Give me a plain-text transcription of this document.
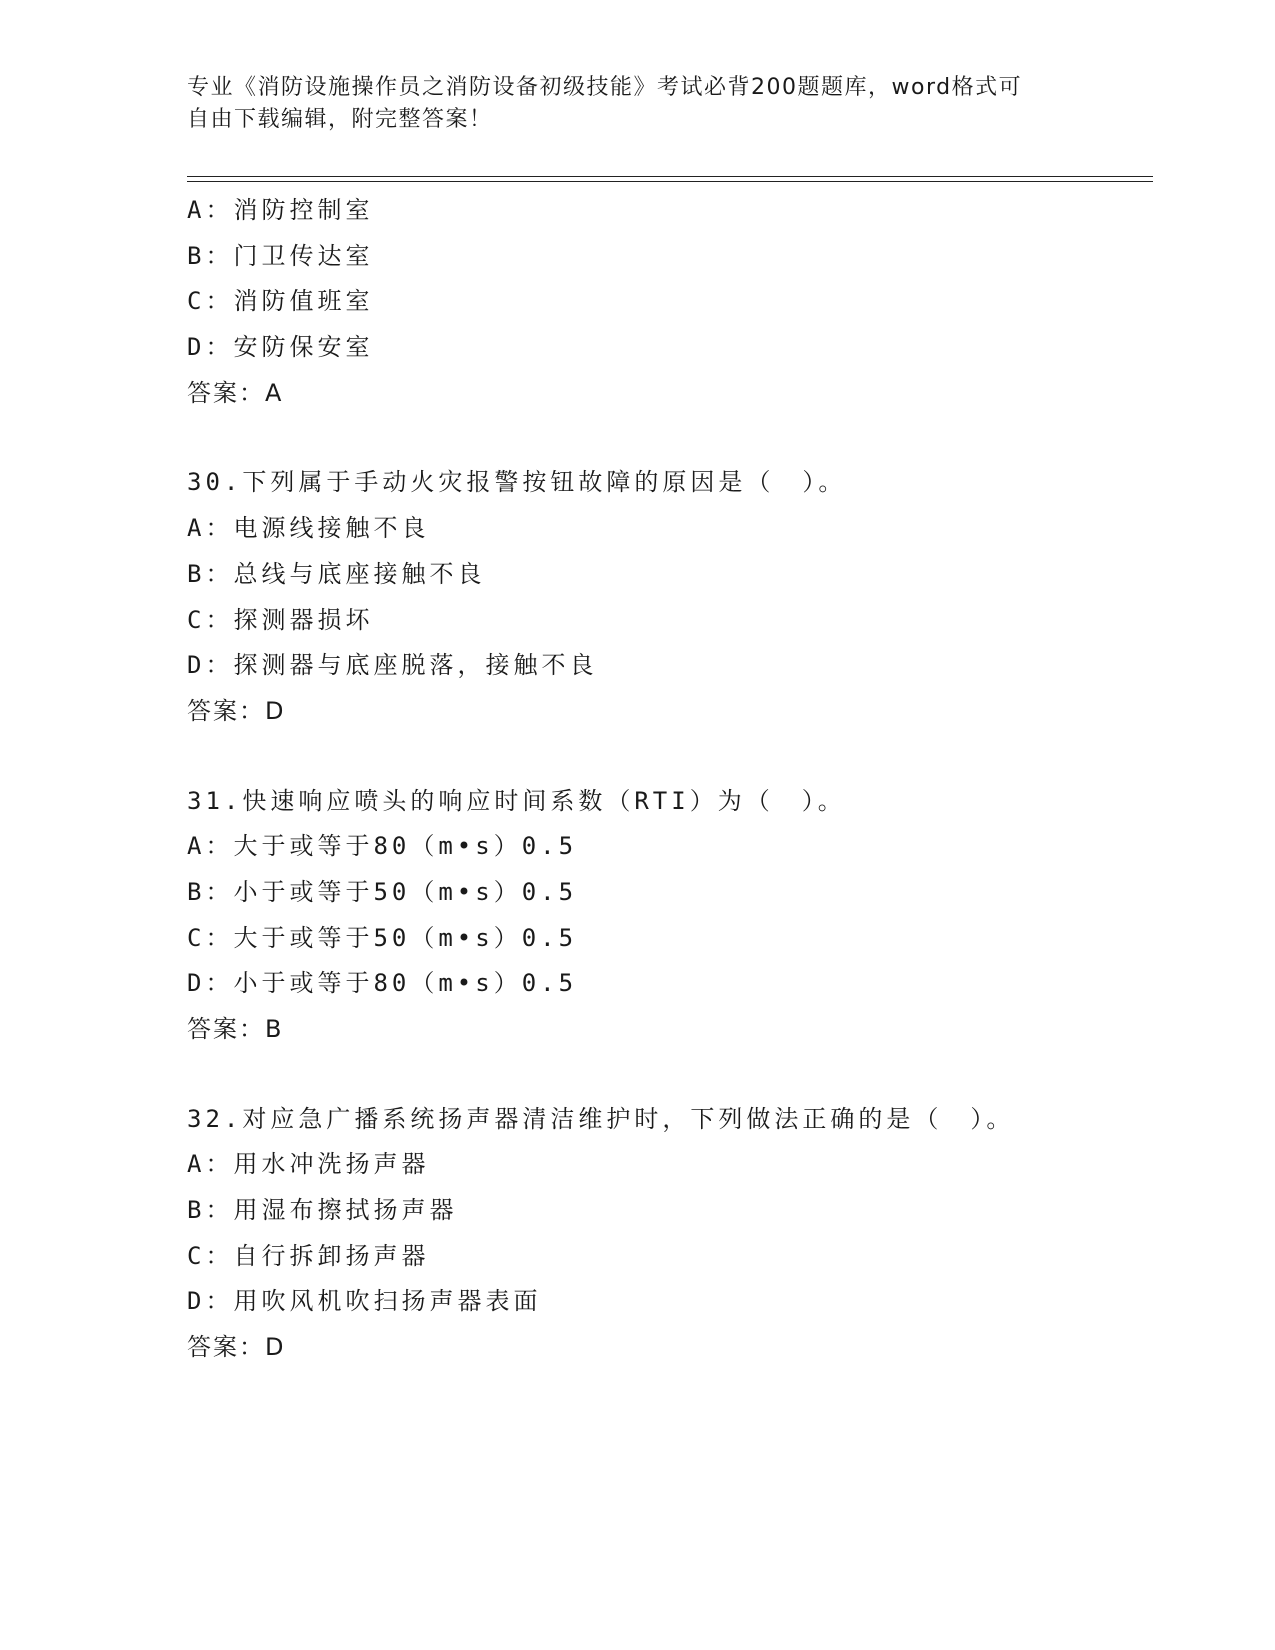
专业《消防设施操作员之消防设备初级技能》考试必背200题题库，word格式可
自由下载编辑，附完整答案！
A：消防控制室
B：门卫传达室
C：消防值班室
D：安防保安室
答案：A
30.下列属于手动火灾报警按钮故障的原因是（　）。
A：电源线接触不良
B：总线与底座接触不良
C：探测器损坏
D：探测器与底座脱落，接触不良
答案：D
31.快速响应喷头的响应时间系数（RTI）为（　）。
A：大于或等于80（m•s）0.5
B：小于或等于50（m•s）0.5
C：大于或等于50（m•s）0.5
D：小于或等于80（m•s）0.5
答案：B
32.对应急广播系统扬声器清洁维护时，下列做法正确的是（　）。
A：用水冲洗扬声器
B：用湿布擦拭扬声器
C：自行拆卸扬声器
D：用吹风机吹扫扬声器表面
答案：D
